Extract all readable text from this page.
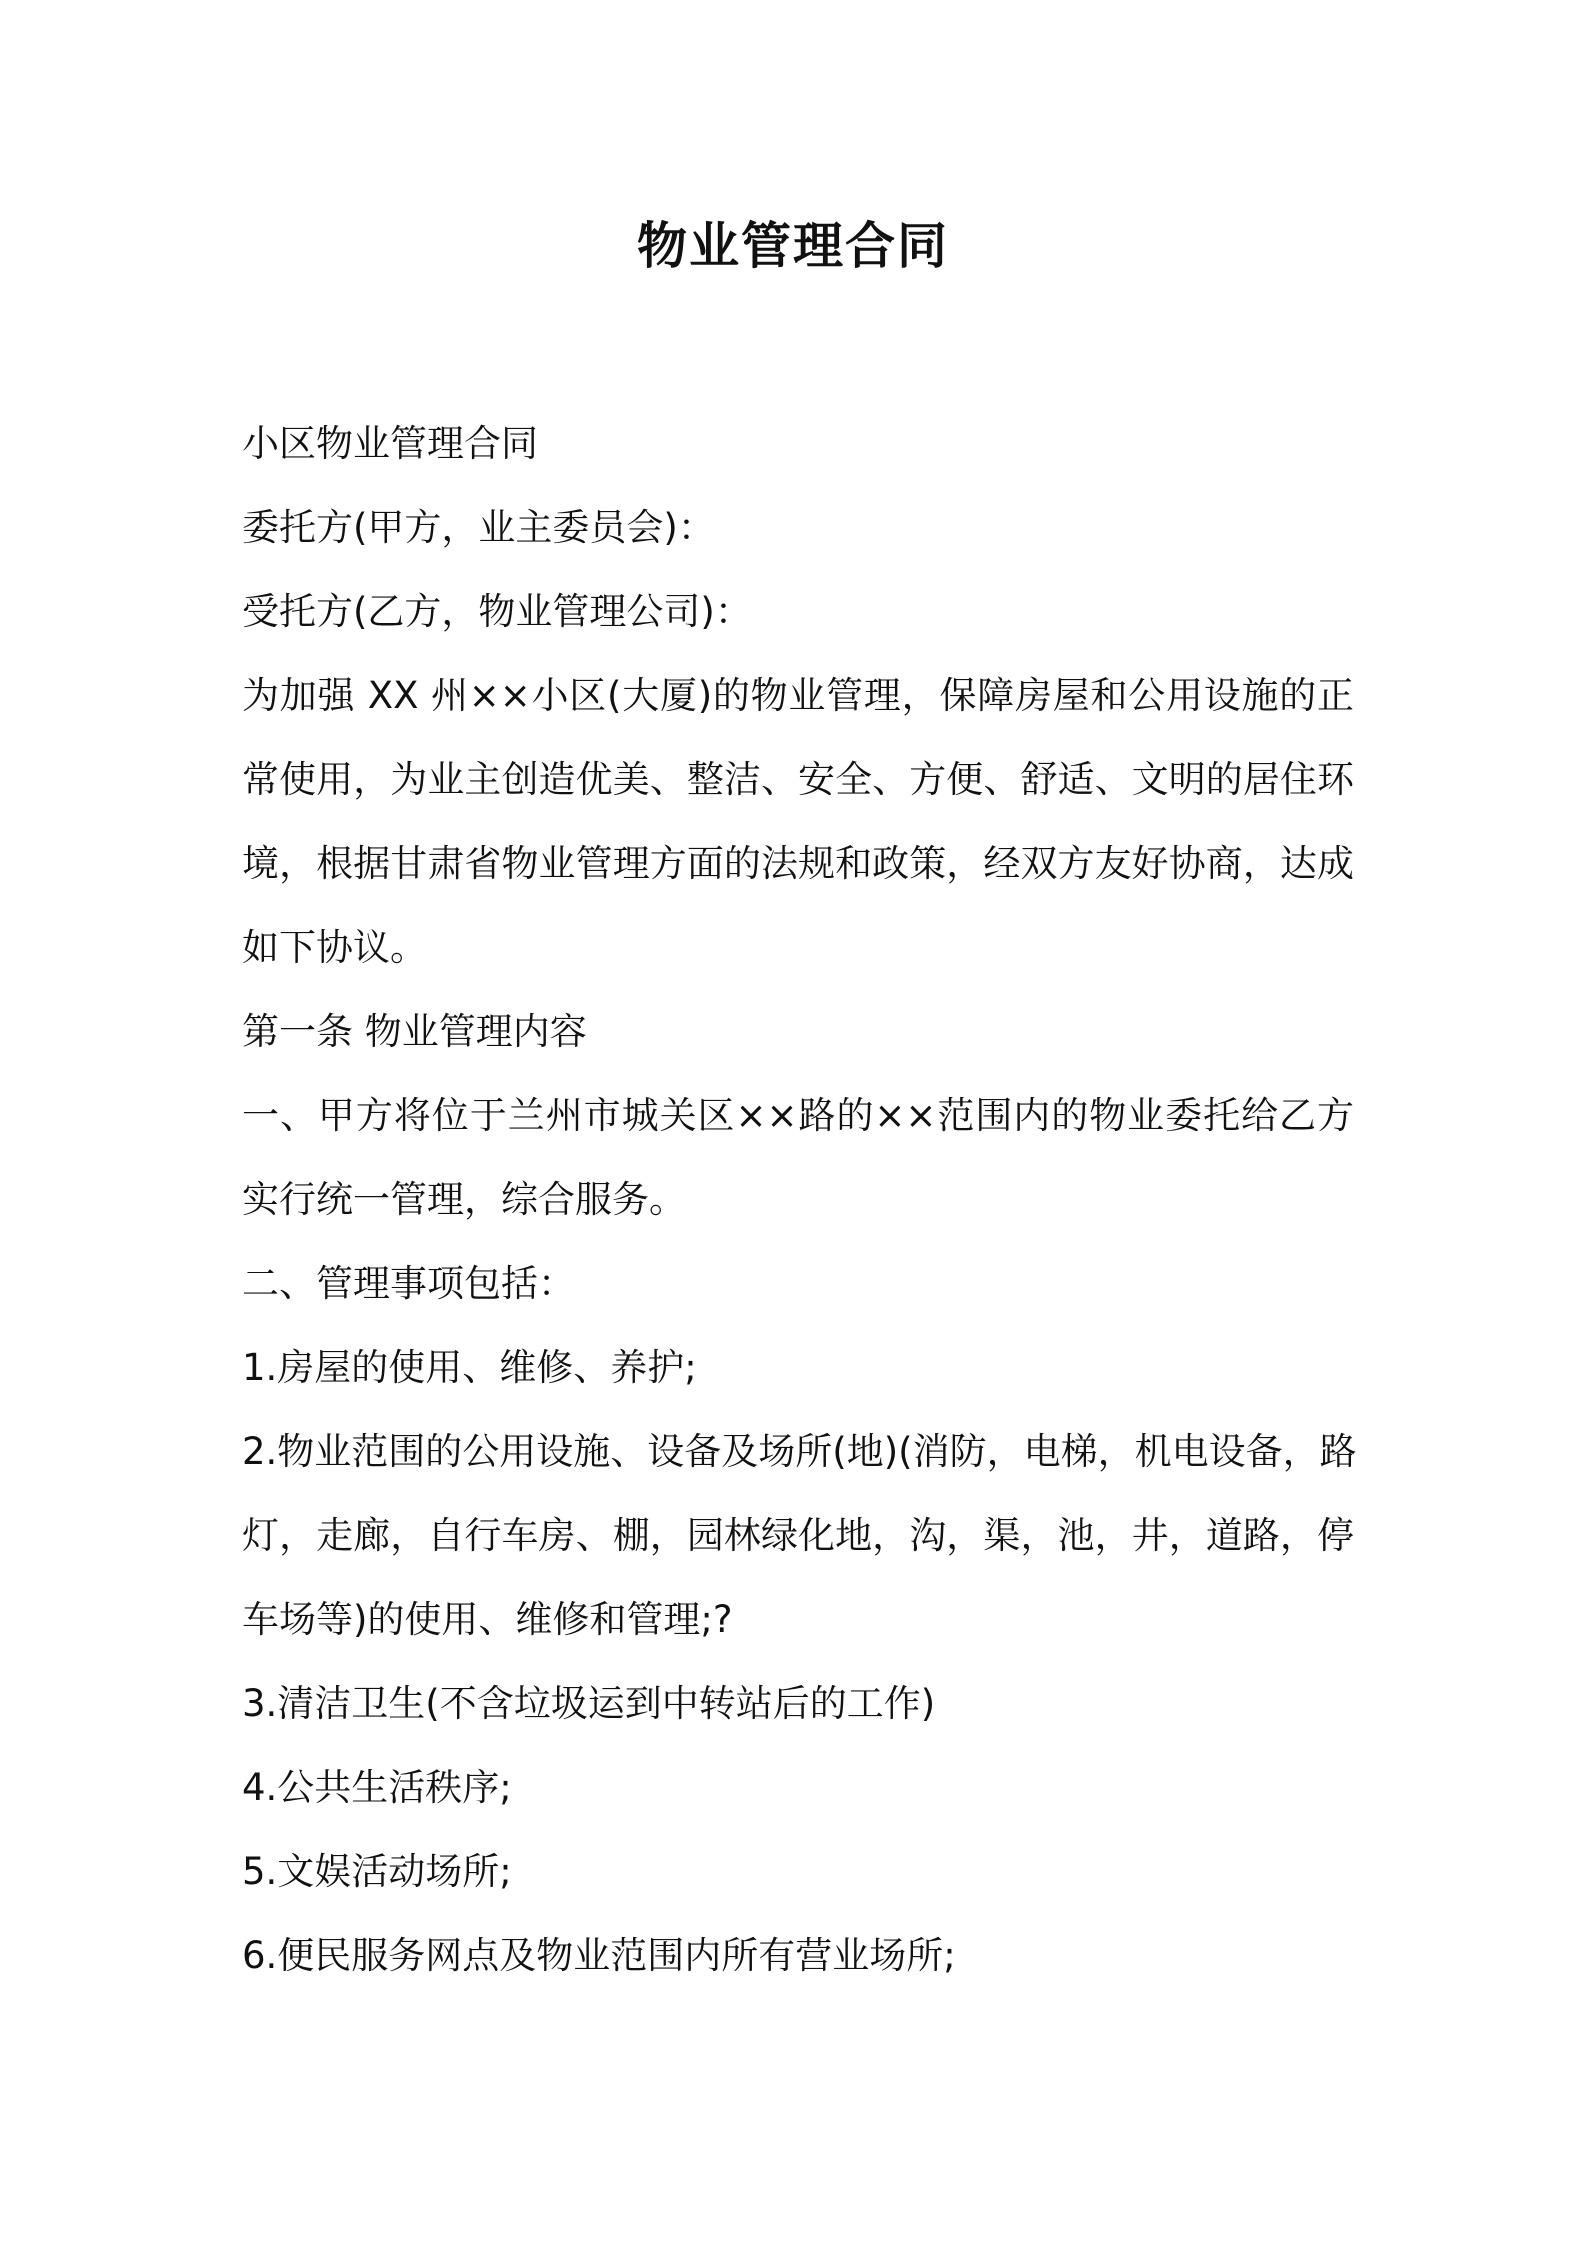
物业管理合同
小区物业管理合同
委托方(甲方，业主委员会)：
受托方(乙方，物业管理公司)：
为加强 XX 州××小区(大厦)的物业管理，保障房屋和公用设施的正
常使用，为业主创造优美、整洁、安全、方便、舒适、文明的居住环
境，根据甘肃省物业管理方面的法规和政策，经双方友好协商，达成
如下协议。
第一条 物业管理内容
一、甲方将位于兰州市城关区××路的××范围内的物业委托给乙方
实行统一管理，综合服务。
二、管理事项包括：
1.房屋的使用、维修、养护;
2.物业范围的公用设施、设备及场所(地)(消防，电梯，机电设备，路
灯，走廊，自行车房、棚，园林绿化地，沟，渠，池，井，道路，停
车场等)的使用、维修和管理;?
3.清洁卫生(不含垃圾运到中转站后的工作)
4.公共生活秩序;
5.文娱活动场所;
6.便民服务网点及物业范围内所有营业场所;
